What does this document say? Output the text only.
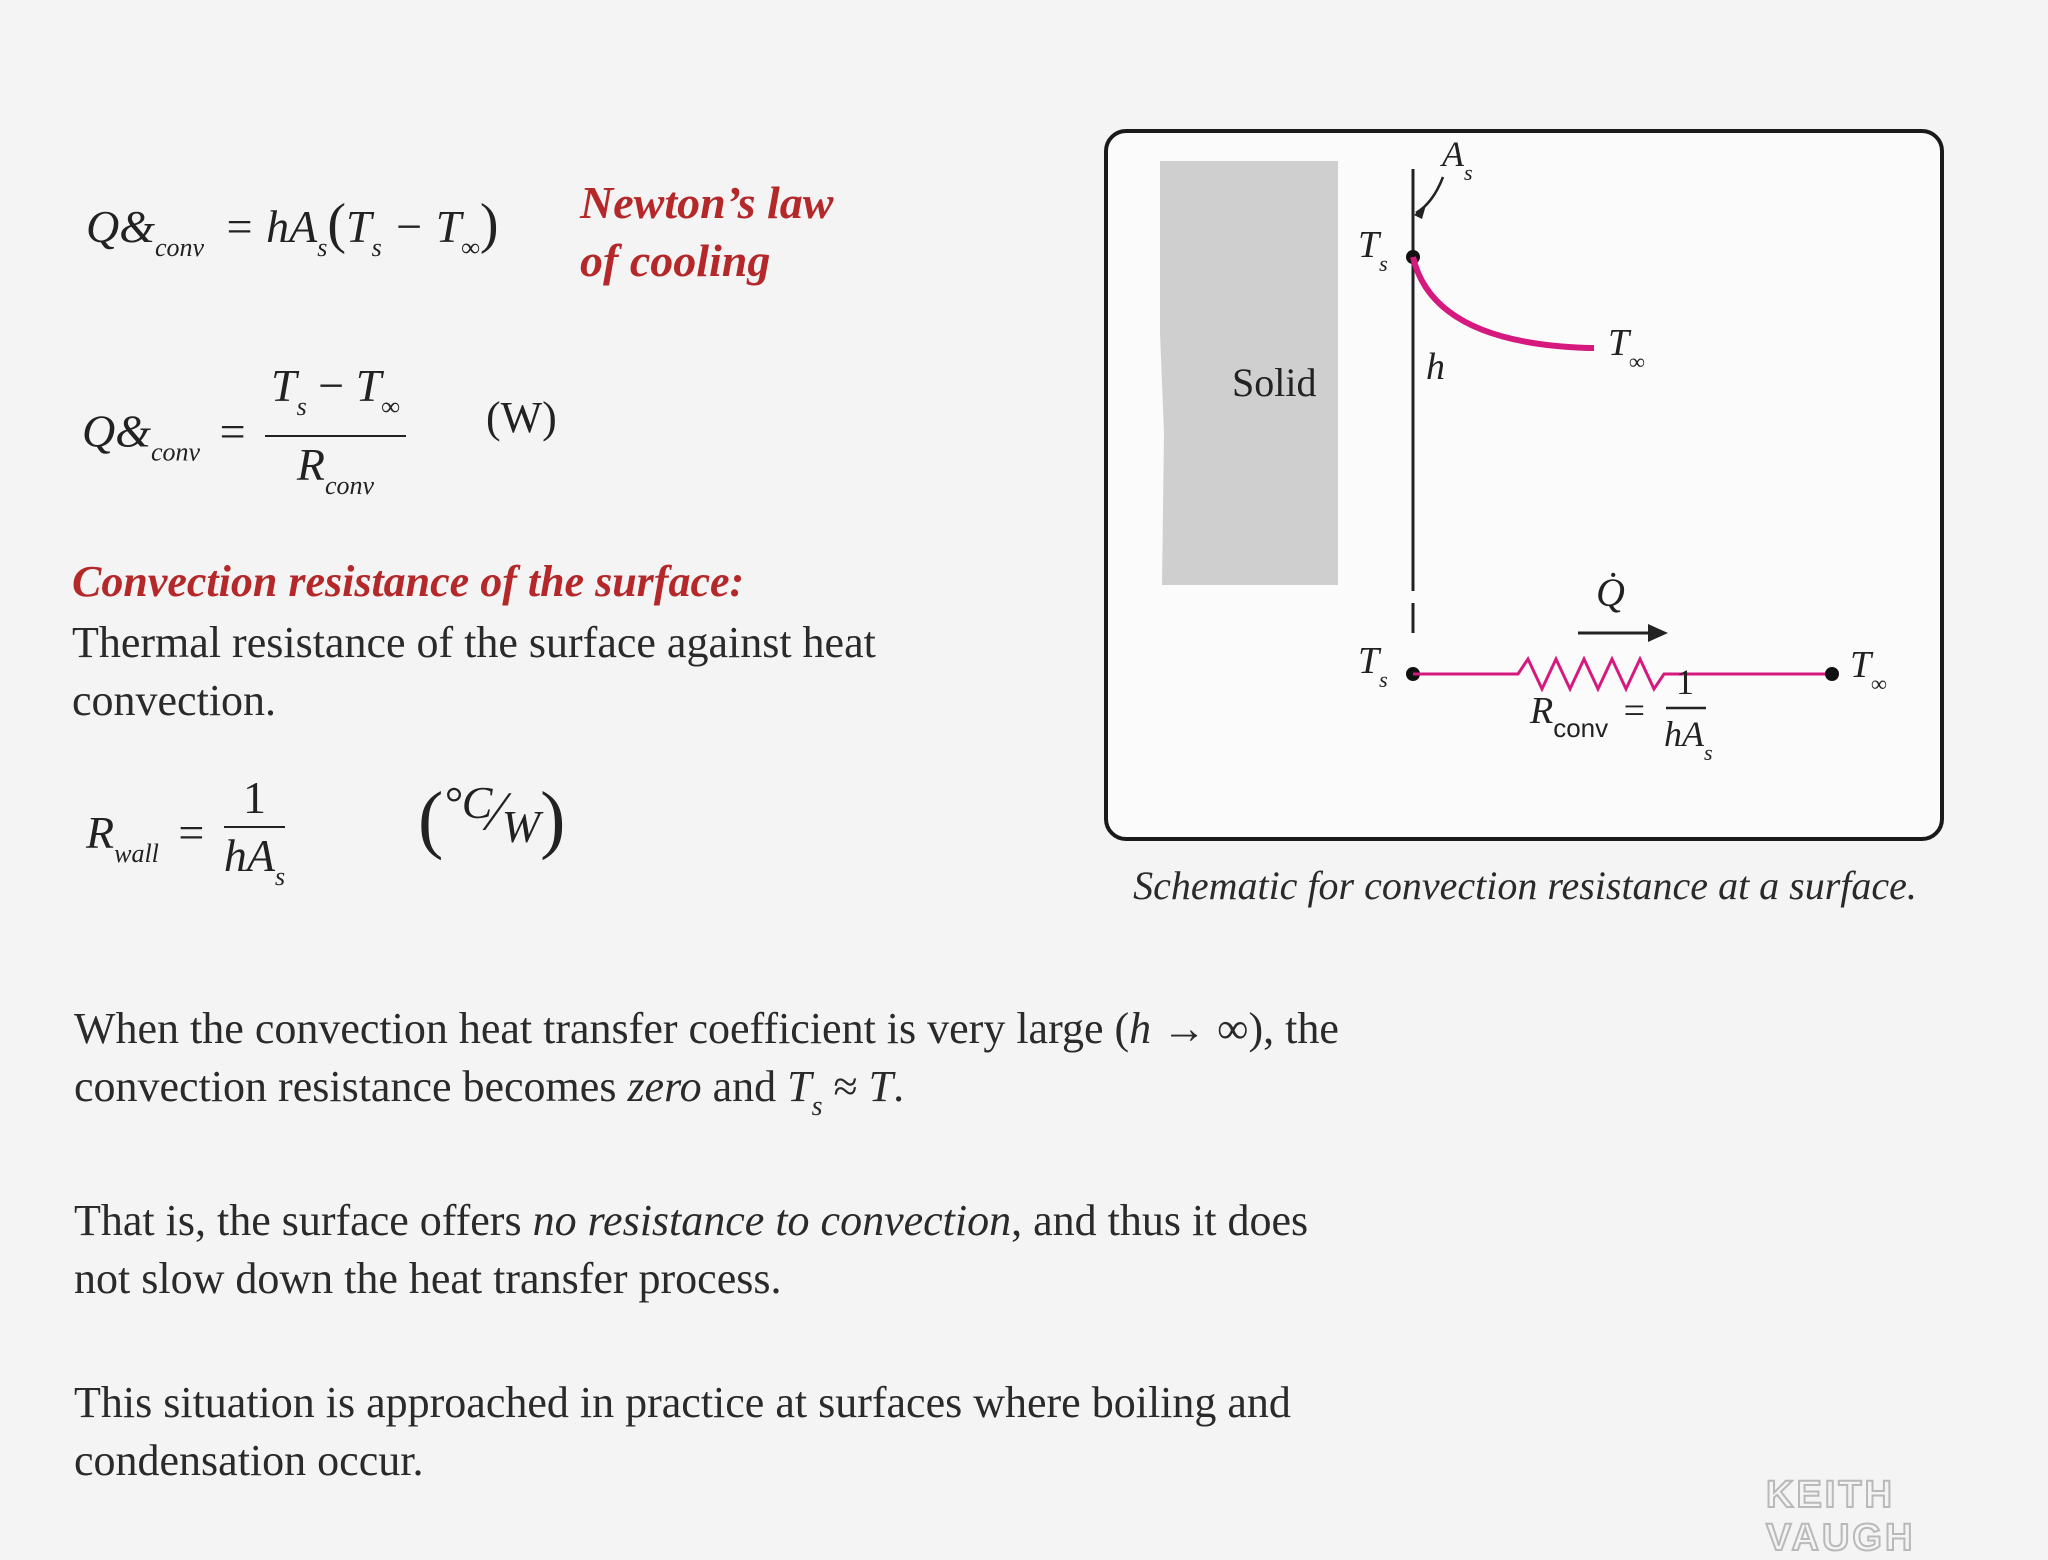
$Q\&_{conv} = hA_s(T_s - T_\infty)$ Newton’s law
of cooling
$Q\&_{conv} = \frac{T_s - T_\infty}{R_{conv}} (W)$
Convection resistance of the surface:
Thermal resistance of the surface against heat
convection.
$R_{wall} = \frac{1}{hA_s}$ (°C⁄W)
Solid
$A_s$
$T_s$
h
$T_\infty$
Q̇
$T_s$	$T_\infty$
$R_{conv}$ =
1
$hA_s$
Schematic for convection resistance at a surface.
When the convection heat transfer coefficient is very large (h → ∞), the
convection resistance becomes zero and $T_s \approx T$.
That is, the surface offers no resistance to convection, and thus it does
not slow down the heat transfer process.
This situation is approached in practice at surfaces where boiling and
condensation occur.
KEITH VAUGH
